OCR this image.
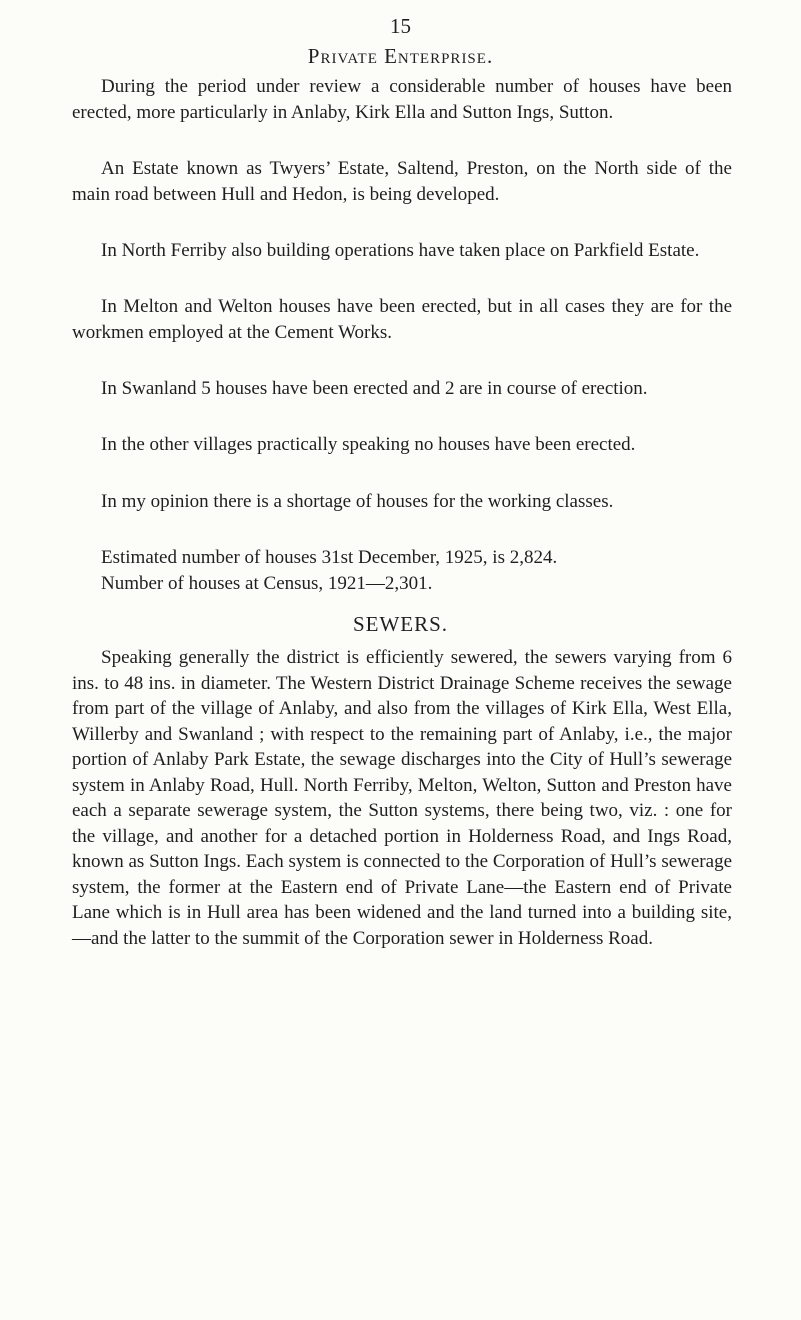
15
Private Enterprise.

During the period under review a considerable number of houses have been erected, more particularly in Anlaby, Kirk Ella and Sutton Ings, Sutton.

An Estate known as Twyers’ Estate, Saltend, Preston, on the North side of the main road between Hull and Hedon, is being developed.

In North Ferriby also building operations have taken place on Parkfield Estate.

In Melton and Welton houses have been erected, but in all cases they are for the workmen employed at the Cement Works.

In Swanland 5 houses have been erected and 2 are in course of erection.

In the other villages practically speaking no houses have been erected.

In my opinion there is a shortage of houses for the working classes.

Estimated number of houses 31st December, 1925, is 2,824.
Number of houses at Census, 1921—2,301.
SEWERS.

Speaking generally the district is efficiently sewered, the sewers varying from 6 ins. to 48 ins. in diameter. The Western District Drainage Scheme receives the sewage from part of the village of Anlaby, and also from the villages of Kirk Ella, West Ella, Willerby and Swanland ; with respect to the remaining part of Anlaby, i.e., the major portion of Anlaby Park Estate, the sewage discharges into the City of Hull’s sewerage system in Anlaby Road, Hull. North Ferriby, Melton, Welton, Sutton and Preston have each a separate sewerage system, the Sutton systems, there being two, viz. : one for the village, and another for a detached portion in Holderness Road, and Ings Road, known as Sutton Ings. Each system is connected to the Corporation of Hull’s sewerage system, the former at the Eastern end of Private Lane—the Eastern end of Private Lane which is in Hull area has been widened and the land turned into a building site,—and the latter to the summit of the Corporation sewer in Holderness Road.
